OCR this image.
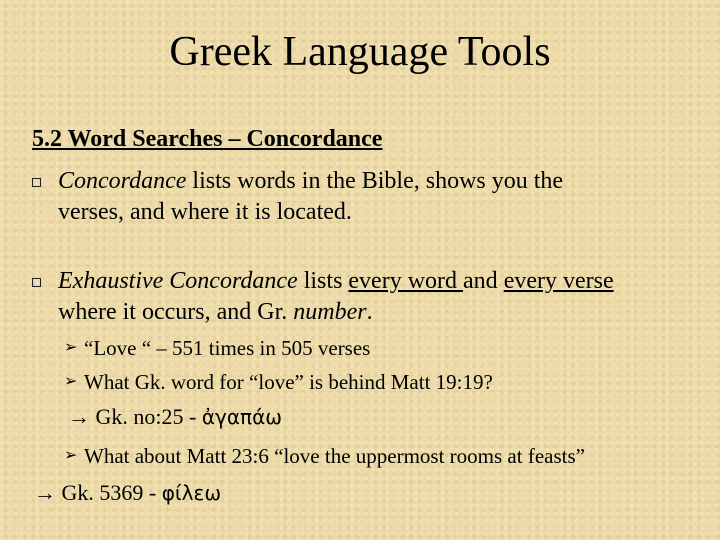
Greek Language Tools
5.2 Word Searches – Concordance
Concordance lists words in the Bible, shows you the
verses, and where it is located.
Exhaustive Concordance lists every word and every verse
where it occurs, and Gr. number.
➢ “Love “ – 551 times in 505 verses
➢ What Gk. word for “love” is behind Matt 19:19?
→ Gk. no:25 - ἀγαπάω
➢ What about Matt 23:6 “love the uppermost rooms at feasts”
→ Gk. 5369 - φίλεω
